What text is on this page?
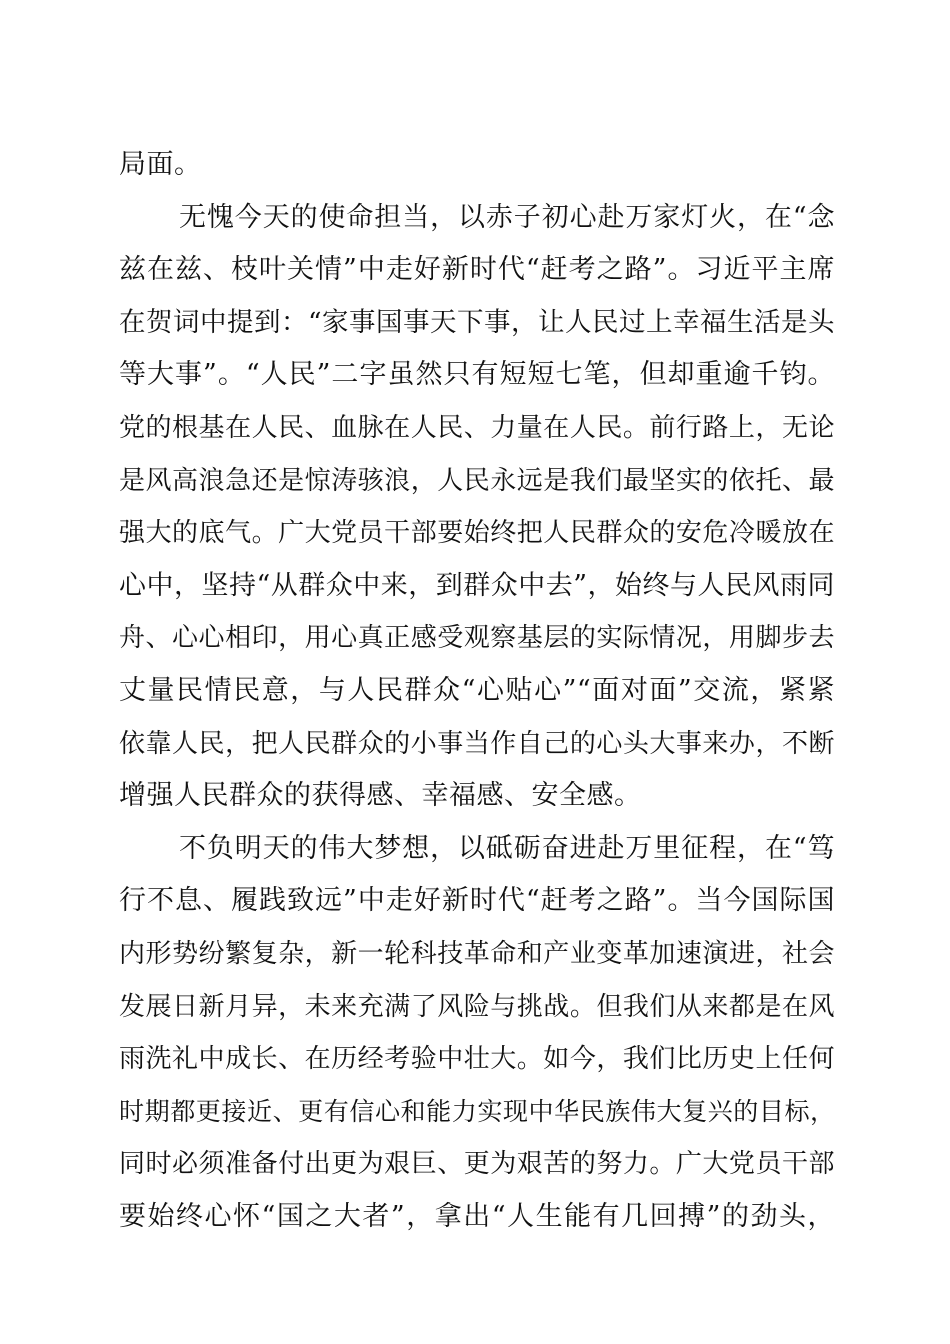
局面。
无愧今天的使命担当，以赤子初心赴万家灯火，在“念
兹在兹、枝叶关情”中走好新时代“赶考之路”。习近平主席
在贺词中提到：“家事国事天下事，让人民过上幸福生活是头
等大事”。“人民”二字虽然只有短短七笔，但却重逾千钧。
党的根基在人民、血脉在人民、力量在人民。前行路上，无论
是风高浪急还是惊涛骇浪，人民永远是我们最坚实的依托、最
强大的底气。广大党员干部要始终把人民群众的安危冷暖放在
心中，坚持“从群众中来，到群众中去”，始终与人民风雨同
舟、心心相印，用心真正感受观察基层的实际情况，用脚步去
丈量民情民意，与人民群众“心贴心”“面对面”交流，紧紧
依靠人民，把人民群众的小事当作自己的心头大事来办，不断
增强人民群众的获得感、幸福感、安全感。
不负明天的伟大梦想，以砥砺奋进赴万里征程，在“笃
行不息、履践致远”中走好新时代“赶考之路”。当今国际国
内形势纷繁复杂，新一轮科技革命和产业变革加速演进，社会
发展日新月异，未来充满了风险与挑战。但我们从来都是在风
雨洗礼中成长、在历经考验中壮大。如今，我们比历史上任何
时期都更接近、更有信心和能力实现中华民族伟大复兴的目标，
同时必须准备付出更为艰巨、更为艰苦的努力。广大党员干部
要始终心怀“国之大者”，拿出“人生能有几回搏”的劲头，
